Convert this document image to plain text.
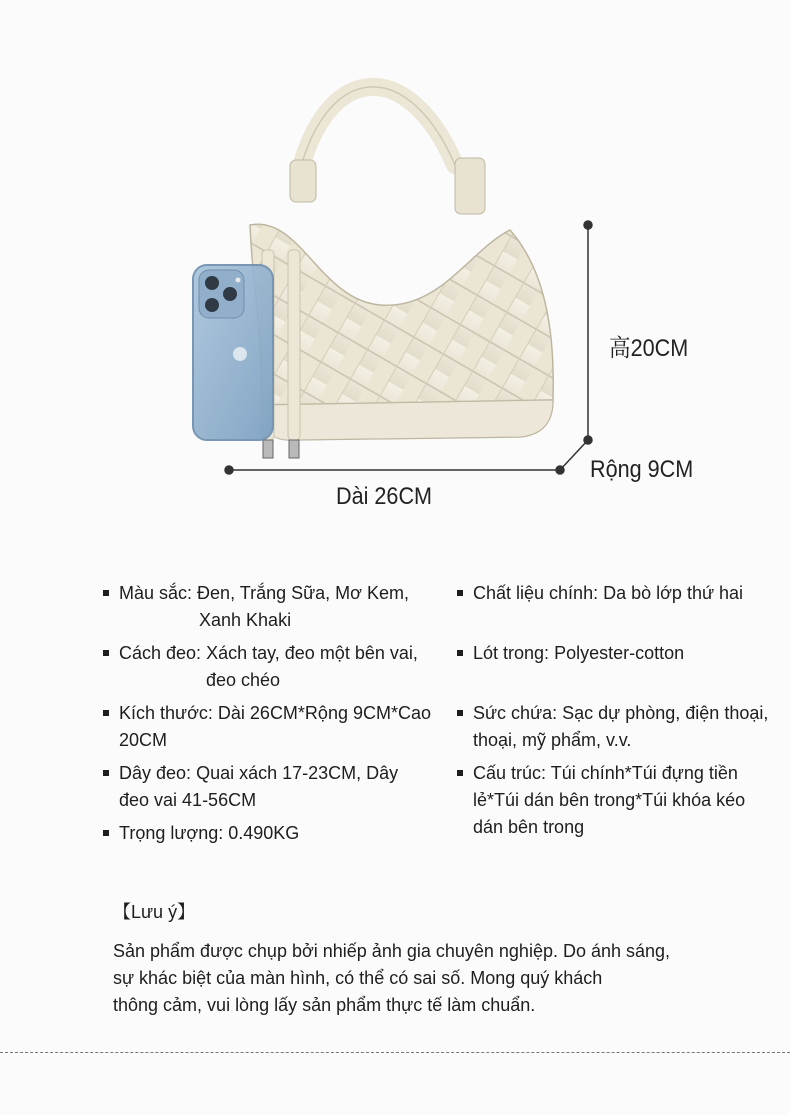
高20CM
Rộng 9CM
Dài 26CM
Màu sắc: Đen, Trắng Sữa, Mơ Kem,
Xanh Khaki
Cách đeo: Xách tay, đeo một bên vai,
đeo chéo
Kích thước: Dài 26CM*Rộng 9CM*Cao
20CM
Dây đeo: Quai xách 17-23CM, Dây
đeo vai 41-56CM
Trọng lượng: 0.490KG
Chất liệu chính: Da bò lớp thứ hai
Lót trong: Polyester-cotton
Sức chứa: Sạc dự phòng, điện thoại,
thoại, mỹ phẩm, v.v.
Cấu trúc: Túi chính*Túi đựng tiền
lẻ*Túi dán bên trong*Túi khóa kéo
dán bên trong
【Lưu ý】
Sản phẩm được chụp bởi nhiếp ảnh gia chuyên nghiệp. Do ánh sáng,
sự khác biệt của màn hình, có thể có sai số. Mong quý khách
thông cảm, vui lòng lấy sản phẩm thực tế làm chuẩn.
